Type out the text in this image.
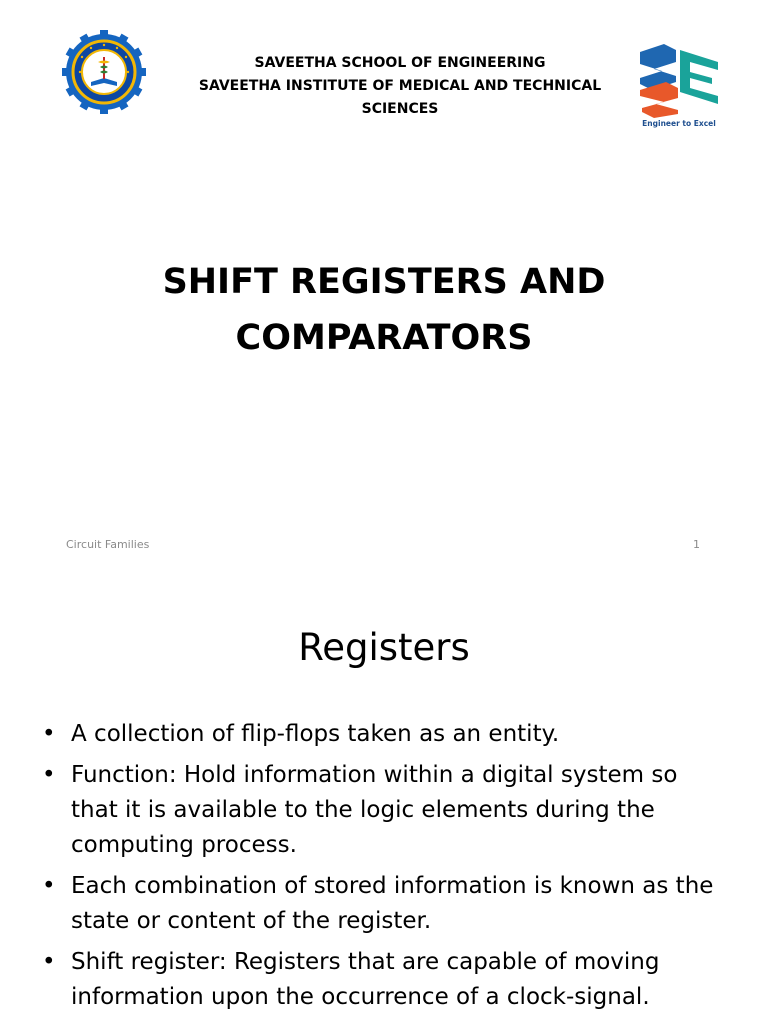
SAVEETHA SCHOOL OF ENGINEERING
SAVEETHA INSTITUTE OF MEDICAL AND TECHNICAL
SCIENCES
Engineer to Excel
SHIFT REGISTERS AND
COMPARATORS
Circuit Families	1
Registers
• A collection of flip-flops taken as an entity.
• Function: Hold information within a digital system so that it is available to the logic elements during the computing process.
• Each combination of stored information is known as the state or content of the register.
• Shift register: Registers that are capable of moving information upon the occurrence of a clock-signal.
